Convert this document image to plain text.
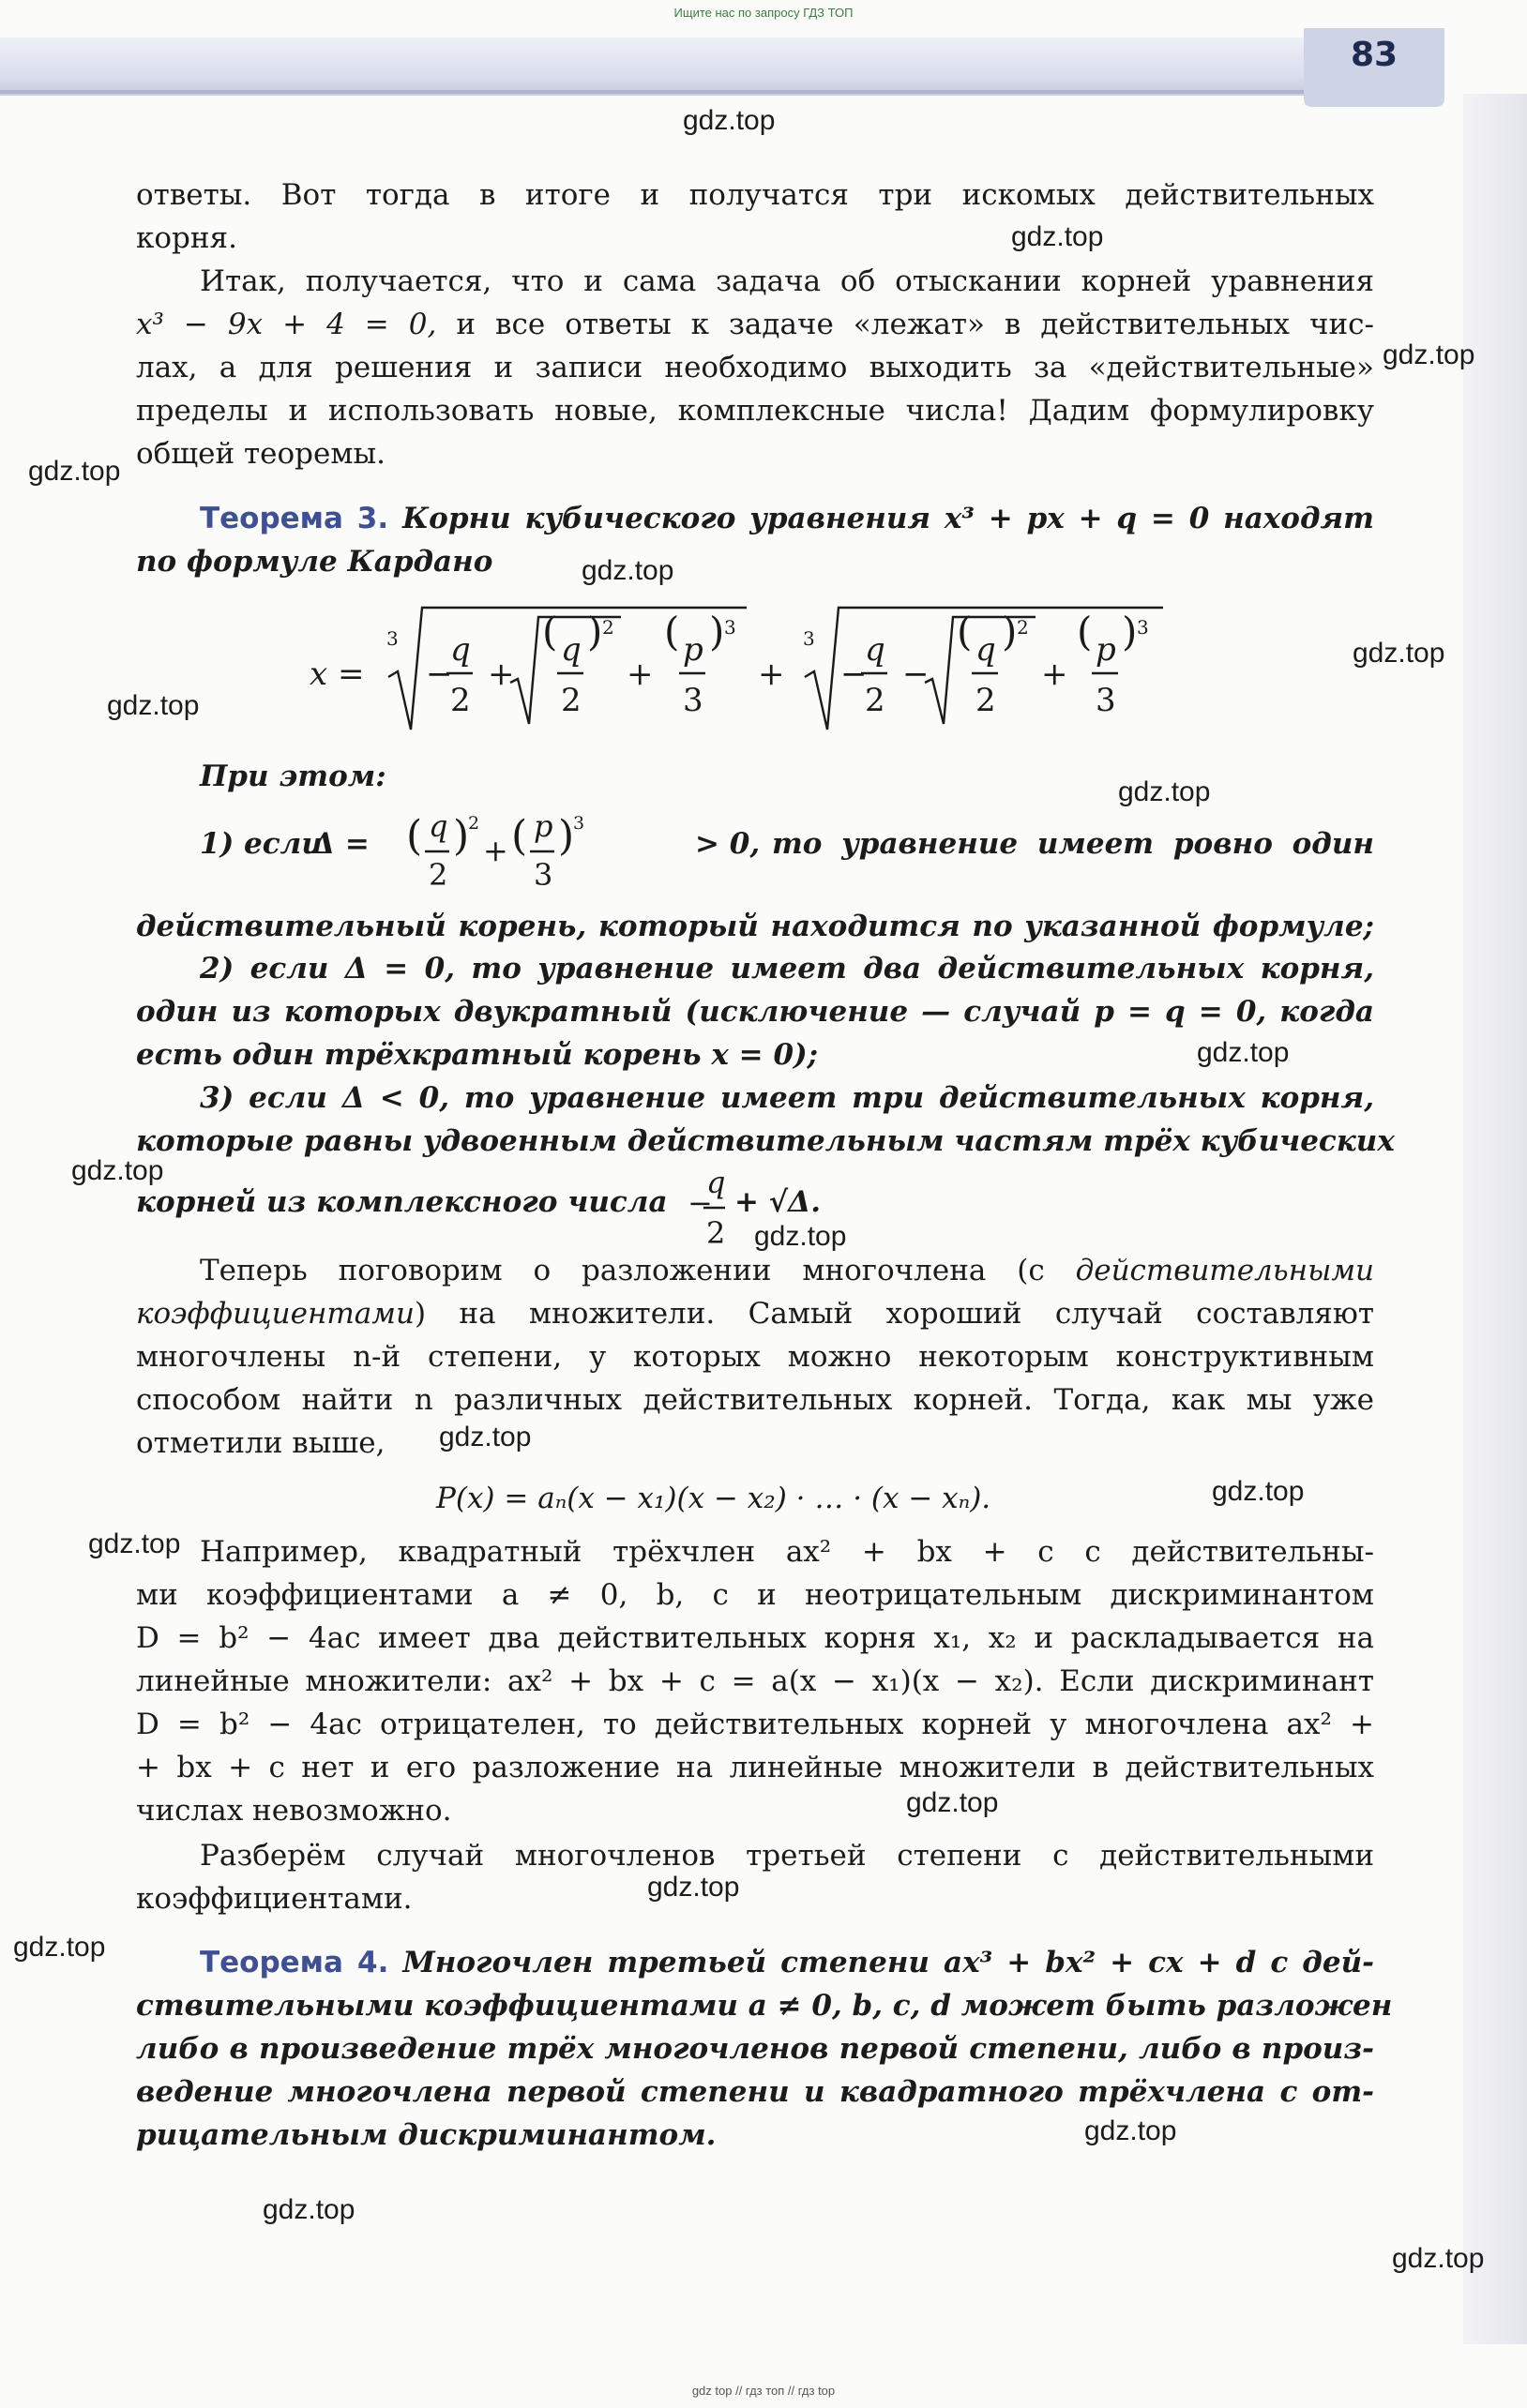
Ищите нас по запросу ГДЗ ТОП
83
ответы. Вот тогда в итоге и получатся три искомых действительных
корня.
Итак, получается, что и сама задача об отыскании корней уравнения
x³ − 9x + 4 = 0, и все ответы к задаче «лежат» в действительных чис-
лах, а для решения и записи необходимо выходить за «действительные»
пределы и использовать новые, комплексные числа! Дадим формулировку
общей теоремы.
Теорема 3. Корни кубического уравнения x³ + px + q = 0 находят
по формуле Кардано
x =
3
−
q
2
+
( q
2
) 2
+
( p
3
) 3
+
3
−
q
2
−
( q
2
) 2
+
( p
3
) 3
При этом:
1) если
Δ = ( q
2
)
2
+ ( p
3
)
3
> 0, то уравнение имеет ровно один
действительный корень, который находится по указанной формуле;
2) если Δ = 0, то уравнение имеет два действительных корня,
один из которых двукратный (исключение — случай p = q = 0, когда
есть один трёхкратный корень x = 0);
3) если Δ < 0, то уравнение имеет три действительных корня,
которые равны удвоенным действительным частям трёх кубических
корней из комплексного числа −
q
2
+ √Δ.
Теперь поговорим о разложении многочлена (с действительными
коэффициентами) на множители. Самый хороший случай составляют
многочлены n-й степени, у которых можно некоторым конструктивным
способом найти n различных действительных корней. Тогда, как мы уже
отметили выше,
P(x) = aₙ(x − x₁)(x − x₂) · … · (x − xₙ).
Например, квадратный трёхчлен ax² + bx + c с действительны-
ми коэффициентами a ≠ 0, b, c и неотрицательным дискриминантом
D = b² − 4ac имеет два действительных корня x₁, x₂ и раскладывается на
линейные множители: ax² + bx + c = a(x − x₁)(x − x₂). Если дискриминант
D = b² − 4ac отрицателен, то действительных корней у многочлена ax² +
+ bx + c нет и его разложение на линейные множители в действительных
числах невозможно.
Разберём случай многочленов третьей степени с действительными
коэффициентами.
Теорема 4. Многочлен третьей степени ax³ + bx² + cx + d с дей-
ствительными коэффициентами a ≠ 0, b, c, d может быть разложен
либо в произведение трёх многочленов первой степени, либо в произ-
ведение многочлена первой степени и квадратного трёхчлена с от-
рицательным дискриминантом.
gdz.top
gdz.top
gdz.top
gdz.top
gdz.top
gdz.top
gdz.top
gdz.top
gdz.top
gdz.top
gdz.top
gdz.top
gdz.top
gdz.top
gdz.top
gdz.top
gdz.top
gdz.top
gdz.top
gdz.top
gdz top // гдз топ // гдз top
